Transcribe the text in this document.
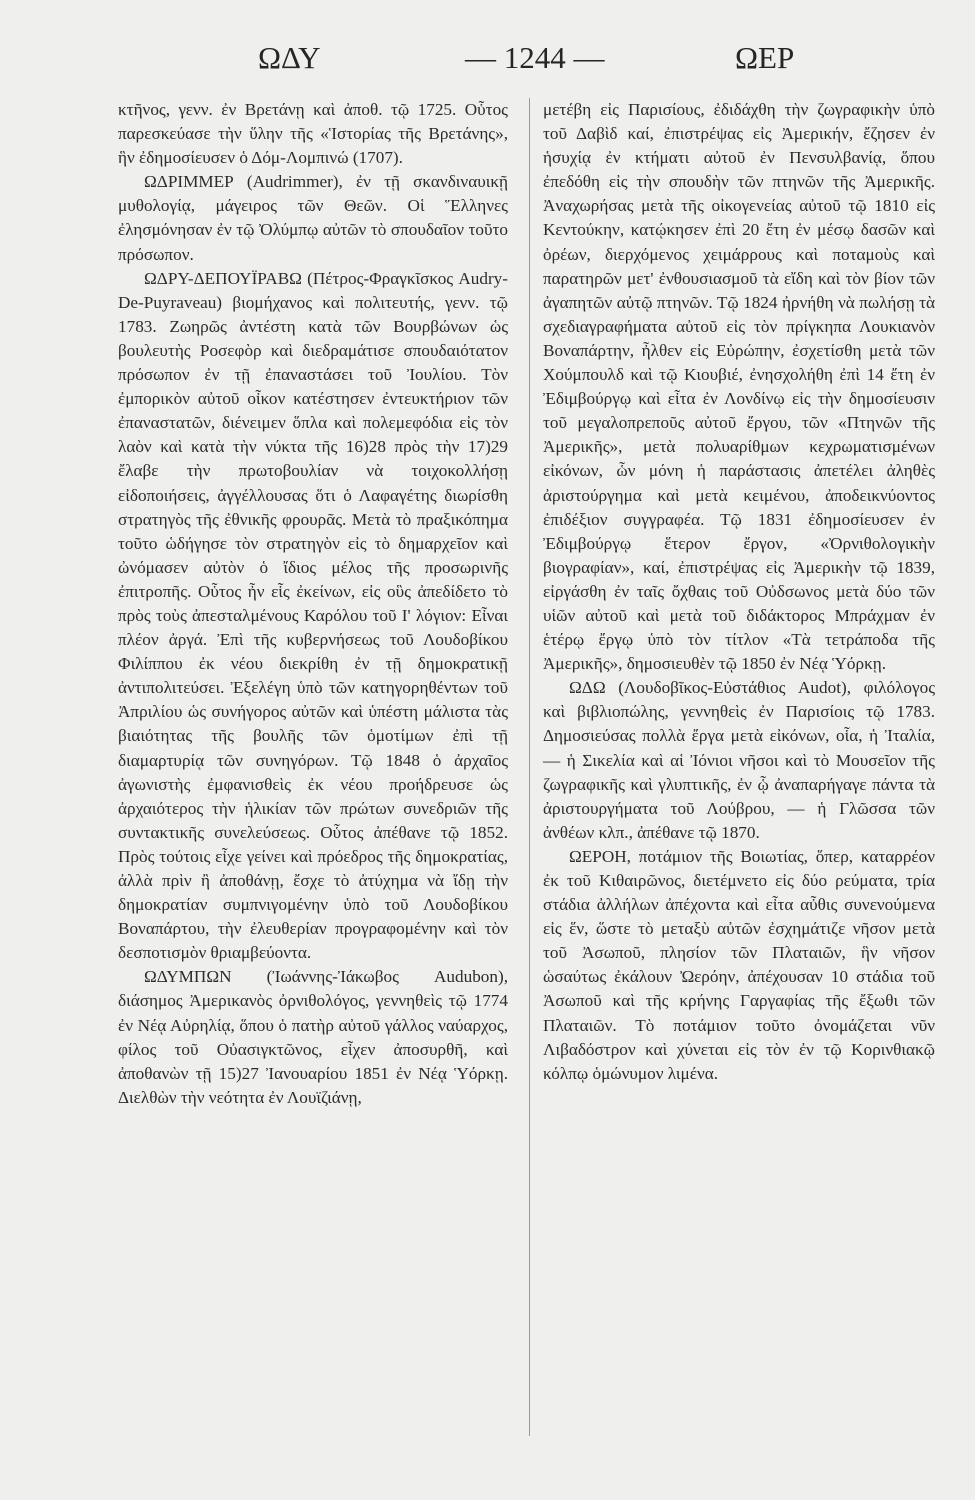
ΩΔΥ	— 1244 —	ΩΕΡ

κτῆνος, γενν. ἐν Βρετάνῃ καὶ ἀποθ. τῷ 1725. Οὗτος παρεσκεύασε τὴν ὕλην τῆς «Ἱστορίας τῆς Βρετάνης», ἣν ἐδημοσίευσεν ὁ Δόμ-Λομπινώ (1707).

ΩΔΡΙΜΜΕΡ (Audrimmer), ἐν τῇ σκανδιναυικῇ μυθολογίᾳ, μάγειρος τῶν Θεῶν. Οἱ Ἕλληνες ἐλησμόνησαν ἐν τῷ Ὀλύμπῳ αὐτῶν τὸ σπουδαῖον τοῦτο πρόσωπον.

ΩΔΡΥ-ΔΕΠΟΥΪΡΑΒΩ (Πέτρος-Φραγκῖσκος Audry-De-Puyraveau) βιομήχανος καὶ πολιτευτής, γενν. τῷ 1783. Ζωηρῶς ἀντέστη κατὰ τῶν Βουρβώνων ὡς βουλευτὴς Ροσεφὸρ καὶ διεδραμάτισε σπουδαιότατον πρόσωπον ἐν τῇ ἐπαναστάσει τοῦ Ἰουλίου. Τὸν ἐμπορικὸν αὐτοῦ οἶκον κατέστησεν ἐντευκτήριον τῶν ἐπαναστατῶν, διένειμεν ὅπλα καὶ πολεμεφόδια εἰς τὸν λαὸν καὶ κατὰ τὴν νύκτα τῆς 16)28 πρὸς τὴν 17)29 ἔλαβε τὴν πρωτοβουλίαν νὰ τοιχοκολλήσῃ εἰδοποιήσεις, ἀγγέλλουσας ὅτι ὁ Λαφαγέτης διωρίσθη στρατηγὸς τῆς ἐθνικῆς φρουρᾶς. Μετὰ τὸ πραξικόπημα τοῦτο ὡδήγησε τὸν στρατηγὸν εἰς τὸ δημαρχεῖον καὶ ὠνόμασεν αὐτὸν ὁ ἴδιος μέλος τῆς προσωρινῆς ἐπιτροπῆς. Οὗτος ἦν εἷς ἐκείνων, εἰς οὓς ἀπεδίδετο τὸ πρὸς τοὺς ἀπεσταλμένους Καρόλου τοῦ Ι' λόγιον: Εἶναι πλέον ἀργά. Ἐπὶ τῆς κυβερνήσεως τοῦ Λουδοβίκου Φιλίππου ἐκ νέου διεκρίθη ἐν τῇ δημοκρατικῇ ἀντιπολιτεύσει. Ἐξελέγη ὑπὸ τῶν κατηγορηθέντων τοῦ Ἀπριλίου ὡς συνήγορος αὐτῶν καὶ ὑπέστη μάλιστα τὰς βιαιότητας τῆς βουλῆς τῶν ὁμοτίμων ἐπὶ τῇ διαμαρτυρίᾳ τῶν συνηγόρων. Τῷ 1848 ὁ ἀρχαῖος ἀγωνιστὴς ἐμφανισθεὶς ἐκ νέου προήδρευσε ὡς ἀρχαιότερος τὴν ἡλικίαν τῶν πρώτων συνεδριῶν τῆς συντακτικῆς συνελεύσεως. Οὗτος ἀπέθανε τῷ 1852. Πρὸς τούτοις εἶχε γείνει καὶ πρόεδρος τῆς δημοκρατίας, ἀλλὰ πρὶν ἢ ἀποθάνῃ, ἔσχε τὸ ἀτύχημα νὰ ἴδῃ τὴν δημοκρατίαν συμπνιγομένην ὑπὸ τοῦ Λουδοβίκου Βοναπάρτου, τὴν ἐλευθερίαν προγραφομένην καὶ τὸν δεσποτισμὸν θριαμβεύοντα.

ΩΔΥΜΠΩΝ (Ἰωάννης-Ἰάκωβος Audubon), διάσημος Ἀμερικανὸς ὀρνιθολόγος, γεννηθεὶς τῷ 1774 ἐν Νέᾳ Αὐρηλίᾳ, ὅπου ὁ πατὴρ αὐτοῦ γάλλος ναύαρχος, φίλος τοῦ Οὐασιγκτῶνος, εἶχεν ἀποσυρθῆ, καὶ ἀποθανὼν τῇ 15)27 Ἰανουαρίου 1851 ἐν Νέᾳ Ὑόρκῃ. Διελθὼν τὴν νεότητα ἐν Λουϊζιάνῃ,

μετέβη εἰς Παρισίους, ἐδιδάχθη τὴν ζωγραφικὴν ὑπὸ τοῦ Δαβὶδ καί, ἐπιστρέψας εἰς Ἀμερικήν, ἔζησεν ἐν ἡσυχίᾳ ἐν κτήματι αὐτοῦ ἐν Πενσυλβανίᾳ, ὅπου ἐπεδόθη εἰς τὴν σπουδὴν τῶν πτηνῶν τῆς Ἀμερικῆς. Ἀναχωρήσας μετὰ τῆς οἰκογενείας αὐτοῦ τῷ 1810 εἰς Κεντούκην, κατῴκησεν ἐπὶ 20 ἔτη ἐν μέσῳ δασῶν καὶ ὀρέων, διερχόμενος χειμάρρους καὶ ποταμοὺς καὶ παρατηρῶν μετ' ἐνθουσιασμοῦ τὰ εἴδη καὶ τὸν βίον τῶν ἀγαπητῶν αὐτῷ πτηνῶν. Τῷ 1824 ἠρνήθη νὰ πωλήσῃ τὰ σχεδιαγραφήματα αὐτοῦ εἰς τὸν πρίγκηπα Λουκιανὸν Βοναπάρτην, ἦλθεν εἰς Εὐρώπην, ἐσχετίσθη μετὰ τῶν Χούμπουλδ καὶ τῷ Κιουβιέ, ἐνησχολήθη ἐπὶ 14 ἔτη ἐν Ἐδιμβούργῳ καὶ εἶτα ἐν Λονδίνῳ εἰς τὴν δημοσίευσιν τοῦ μεγαλοπρεποῦς αὐτοῦ ἔργου, τῶν «Πτηνῶν τῆς Ἀμερικῆς», μετὰ πολυαρίθμων κεχρωματισμένων εἰκόνων, ὧν μόνη ἡ παράστασις ἀπετέλει ἀληθὲς ἀριστούργημα καὶ μετὰ κειμένου, ἀποδεικνύοντος ἐπιδέξιον συγγραφέα. Τῷ 1831 ἐδημοσίευσεν ἐν Ἐδιμβούργῳ ἕτερον ἔργον, «Ὀρνιθολογικὴν βιογραφίαν», καί, ἐπιστρέψας εἰς Ἀμερικὴν τῷ 1839, εἰργάσθη ἐν ταῖς ὄχθαις τοῦ Οὐδσωνος μετὰ δύο τῶν υἱῶν αὐτοῦ καὶ μετὰ τοῦ διδάκτορος Μπράχμαν ἐν ἑτέρῳ ἔργῳ ὑπὸ τὸν τίτλον «Τὰ τετράποδα τῆς Ἀμερικῆς», δημοσιευθὲν τῷ 1850 ἐν Νέᾳ Ὑόρκῃ.

ΩΔΩ (Λουδοβῖκος-Εὐστάθιος Audot), φιλόλογος καὶ βιβλιοπώλης, γεννηθεὶς ἐν Παρισίοις τῷ 1783. Δημοσιεύσας πολλὰ ἔργα μετὰ εἰκόνων, οἷα, ἡ Ἰταλία, — ἡ Σικελία καὶ αἱ Ἰόνιοι νῆσοι καὶ τὸ Μουσεῖον τῆς ζωγραφικῆς καὶ γλυπτικῆς, ἐν ᾧ ἀναπαρήγαγε πάντα τὰ ἀριστουργήματα τοῦ Λούβρου, — ἡ Γλῶσσα τῶν ἀνθέων κλπ., ἀπέθανε τῷ 1870.

ΩΕΡΟΗ, ποτάμιον τῆς Βοιωτίας, ὅπερ, καταρρέον ἐκ τοῦ Κιθαιρῶνος, διετέμνετο εἰς δύο ρεύματα, τρία στάδια ἀλλήλων ἀπέχοντα καὶ εἶτα αὖθις συνενούμενα εἰς ἕν, ὥστε τὸ μεταξὺ αὐτῶν ἐσχημάτιζε νῆσον μετὰ τοῦ Ἀσωποῦ, πλησίον τῶν Πλαταιῶν, ἣν νῆσον ὡσαύτως ἐκάλουν Ὠερόην, ἀπέχουσαν 10 στάδια τοῦ Ἀσωποῦ καὶ τῆς κρήνης Γαργαφίας τῆς ἔξωθι τῶν Πλαταιῶν. Τὸ ποτάμιον τοῦτο ὀνομάζεται νῦν Λιβαδόστρον καὶ χύνεται εἰς τὸν ἐν τῷ Κορινθιακῷ κόλπῳ ὁμώνυμον λιμένα.
